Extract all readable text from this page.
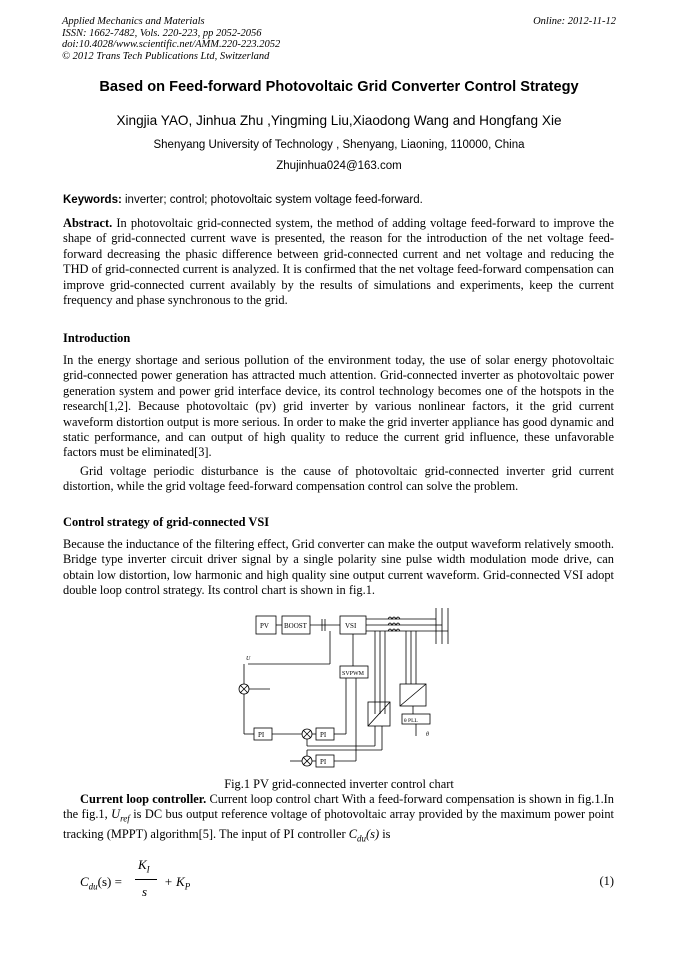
Applied Mechanics and Materials
ISSN: 1662-7482, Vols. 220-223, pp 2052-2056
doi:10.4028/www.scientific.net/AMM.220-223.2052
© 2012 Trans Tech Publications Ltd, Switzerland
Online: 2012-11-12
Based on Feed-forward Photovoltaic Grid Converter Control Strategy
Xingjia YAO, Jinhua Zhu ,Yingming Liu,Xiaodong Wang and Hongfang Xie
Shenyang University of Technology , Shenyang, Liaoning, 110000, China
Zhujinhua024@163.com
Keywords: inverter; control; photovoltaic system voltage feed-forward.
Abstract. In photovoltaic grid-connected system, the method of adding voltage feed-forward to improve the shape of grid-connected current wave is presented, the reason for the introduction of the net voltage feed-forward decreasing the phasic difference between grid-connected current and net voltage and reducing the THD of grid-connected current is analyzed. It is confirmed that the net voltage feed-forward compensation can improve grid-connected current availably by the results of simulations and experiments, keep the current frequency and phase synchronous to the grid.
Introduction
In the energy shortage and serious pollution of the environment today, the use of solar energy photovoltaic grid-connected power generation has attracted much attention. Grid-connected inverter as photovoltaic power generation system and power grid interface device, its control technology becomes one of the hotspots in the research[1,2]. Because photovoltaic (pv) grid inverter by various nonlinear factors, it the grid current waveform distortion output is more serious. In order to make the grid inverter appliance has good dynamic and static performance, and can output of high quality to reduce the current grid influence, these unfavorable factors must be eliminated[3].
Grid voltage periodic disturbance is the cause of photovoltaic grid-connected inverter grid current distortion, while the grid voltage feed-forward compensation control can solve the problem.
Control strategy of grid-connected VSI
Because the inductance of the filtering effect, Grid converter can make the output waveform relatively smooth. Bridge type inverter circuit driver signal by a single polarity sine pulse width modulation mode drive, can obtain low distortion, low harmonic and high quality sine output current waveform. Grid-connected VSI adopt double loop control strategy. Its control chart is shown in fig.1.
PV BOOST	VSI
SVPWM
PI	PI
PI
θ PLL
U
θ
Fig.1 PV grid-connected inverter control chart
Current loop controller. Current loop control chart With a feed-forward compensation is shown in fig.1.In the fig.1, $U_{ref}$ is DC bus output reference voltage of photovoltaic array provided by the maximum power point tracking (MPPT) algorithm[5]. The input of PI controller $C_{du}(s)$ is
$C_{du}(s)$ =
$K_I$
s
+ $K_P$	(1)
